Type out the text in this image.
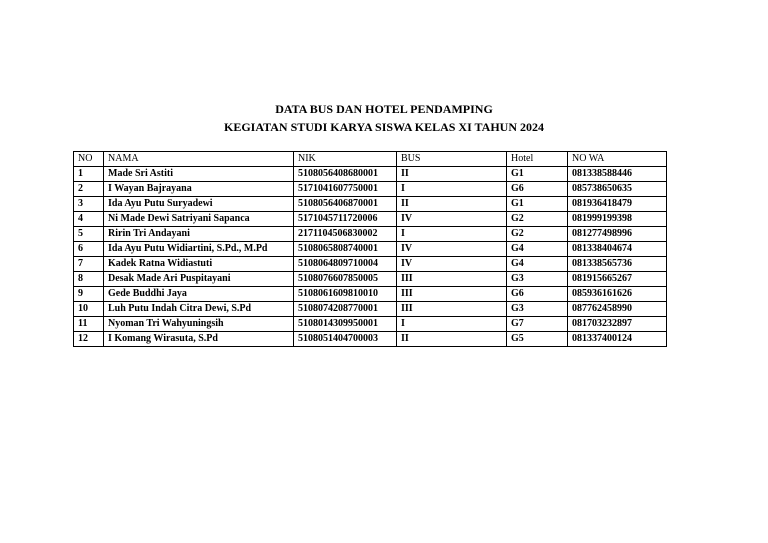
DATA BUS DAN HOTEL PENDAMPING
KEGIATAN STUDI KARYA SISWA KELAS XI TAHUN 2024
NO	NAMA	NIK	BUS	Hotel	NO WA
1	Made Sri Astiti	5108056408680001	II	G1	081338588446
2	I Wayan Bajrayana	5171041607750001	I	G6	085738650635
3	Ida Ayu Putu Suryadewi	5108056406870001	II	G1	081936418479
4	Ni Made Dewi Satriyani Sapanca	5171045711720006	IV	G2	081999199398
5	Ririn Tri Andayani	2171104506830002	I	G2	081277498996
6	Ida Ayu Putu Widiartini, S.Pd., M.Pd	5108065808740001	IV	G4	081338404674
7	Kadek Ratna Widiastuti	5108064809710004	IV	G4	081338565736
8	Desak Made Ari Puspitayani	5108076607850005	III	G3	081915665267
9	Gede Buddhi Jaya	5108061609810010	III	G6	085936161626
10	Luh Putu Indah Citra Dewi, S.Pd	5108074208770001	III	G3	087762458990
11	Nyoman Tri Wahyuningsih	5108014309950001	I	G7	081703232897
12	I Komang Wirasuta, S.Pd	5108051404700003	II	G5	081337400124
